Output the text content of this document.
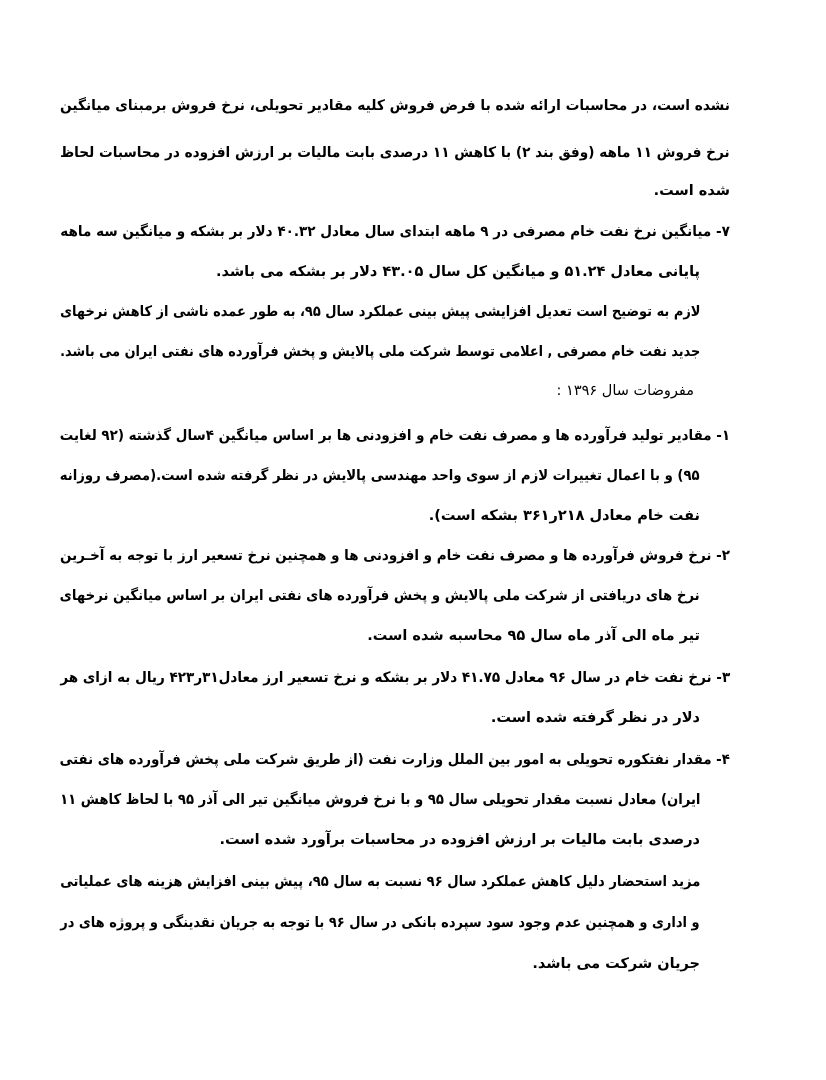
نشده است، در محاسبات ارائه شده با فرض فروش کلیه مقادیر تحویلی، نرخ فروش برمبنای میانگین
نرخ فروش ۱۱ ماهه (وفق بند ۲) با کاهش ۱۱ درصدی بابت مالیات بر ارزش افزوده در محاسبات لحاظ
شده است.
۷- میانگین نرخ نفت خام مصرفی در ۹ ماهه ابتدای سال معادل ۴۰.۳۲ دلار بر بشکه و میانگین سه ماهه
پایانی معادل ۵۱.۲۴ و میانگین کل سال ۴۳.۰۵ دلار بر بشکه می باشد.
لازم به توضیح است تعدیل افزایشی پیش بینی عملکرد سال ۹۵، به طور عمده ناشی از کاهش نرخهای
جدید نفت خام مصرفی , اعلامی توسط شرکت ملی پالایش و پخش فرآورده های نفتی ایران می باشد.
مفروضات سال ۱۳۹۶ :
۱- مقادیر تولید فرآورده ها و مصرف نفت خام و افزودنی ها بر اساس میانگین ۴سال گذشته (۹۲ لغایت
۹۵) و با اعمال تغییرات لازم از سوی واحد مهندسی پالایش در نظر گرفته شده است.(مصرف روزانه
نفت خام معادل ۲۱۸ر۳۶۱ بشکه است).
۲- نرخ فروش فرآورده ها و مصرف نفت خام و افزودنی ها و همچنین نرخ تسعیر ارز با توجه به آخـرین
نرخ های دریافتی از شرکت ملی پالایش و پخش فرآورده های نفتی ایران بر اساس میانگین نرخهای
تیر ماه الی آذر ماه سال ۹۵ محاسبه شده است.
۳- نرخ نفت خام در سال ۹۶ معادل ۴۱.۷۵ دلار بر بشکه و نرخ تسعیر ارز معادل۳۱ر۴۲۳ ریال به ازای هر
دلار در نظر گرفته شده است.
۴- مقدار نفتکوره تحویلی به امور بین الملل وزارت نفت (از طریق شرکت ملی پخش فرآورده های نفتی
ایران) معادل نسبت مقدار تحویلی سال ۹۵ و با نرخ فروش میانگین تیر الی آذر ۹۵ با لحاظ کاهش ۱۱
درصدی بابت مالیات بر ارزش افزوده در محاسبات برآورد شده است.
مزید استحضار دلیل کاهش عملکرد سال ۹۶ نسبت به سال ۹۵، پیش بینی افزایش هزینه های عملیاتی
و اداری و همچنین عدم وجود سود سپرده بانکی در سال ۹۶ با توجه به جریان نقدینگی و پروژه های در
جریان شرکت می باشد.
